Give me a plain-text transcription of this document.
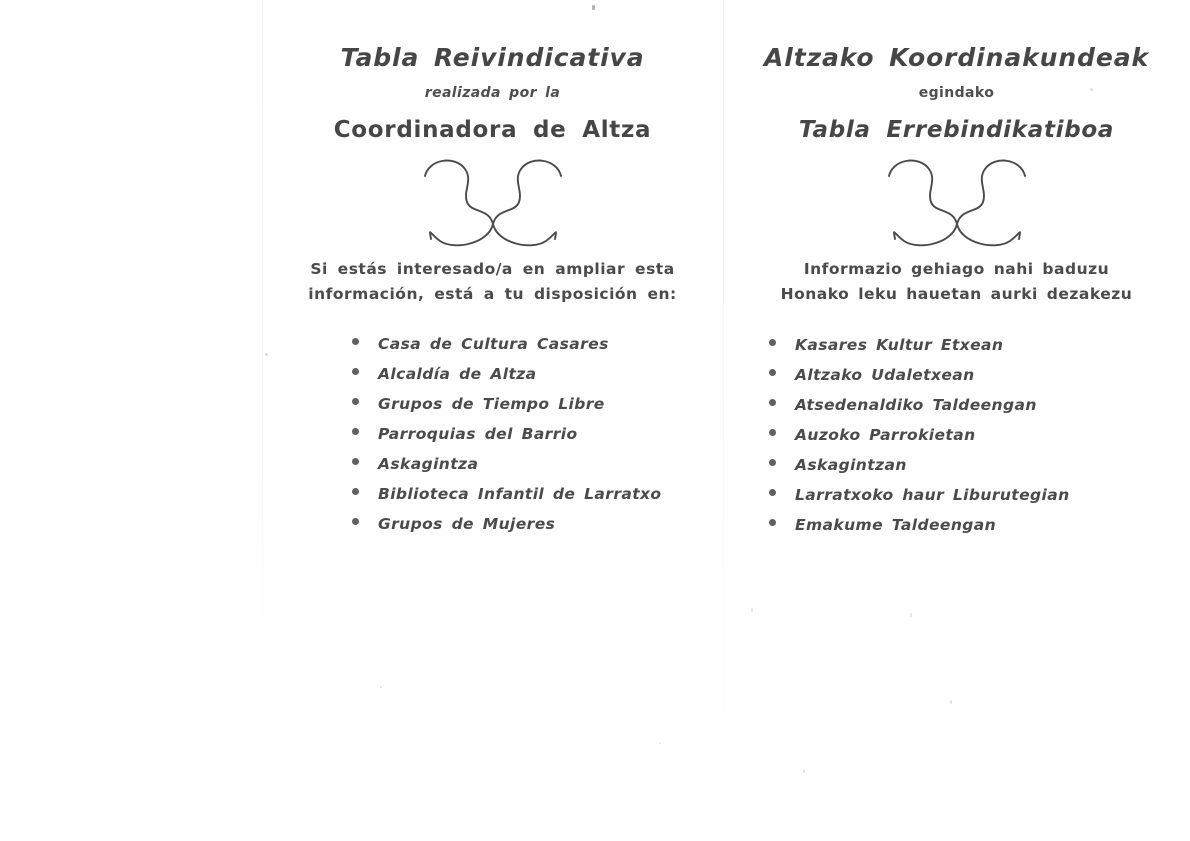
Tabla Reivindicativa
realizada por la
Coordinadora de Altza

Si estás interesado/a en ampliar esta
información, está a tu disposición en:

Casa de Cultura Casares
Alcaldía de Altza
Grupos de Tiempo Libre
Parroquias del Barrio
Askagintza
Biblioteca Infantil de Larratxo
Grupos de Mujeres
Altzako Koordinakundeak
egindako
Tabla Errebindikatiboa

Informazio gehiago nahi baduzu
Honako leku hauetan aurki dezakezu

Kasares Kultur Etxean
Altzako Udaletxean
Atsedenaldiko Taldeengan
Auzoko Parrokietan
Askagintzan
Larratxoko haur Liburutegian
Emakume Taldeengan
